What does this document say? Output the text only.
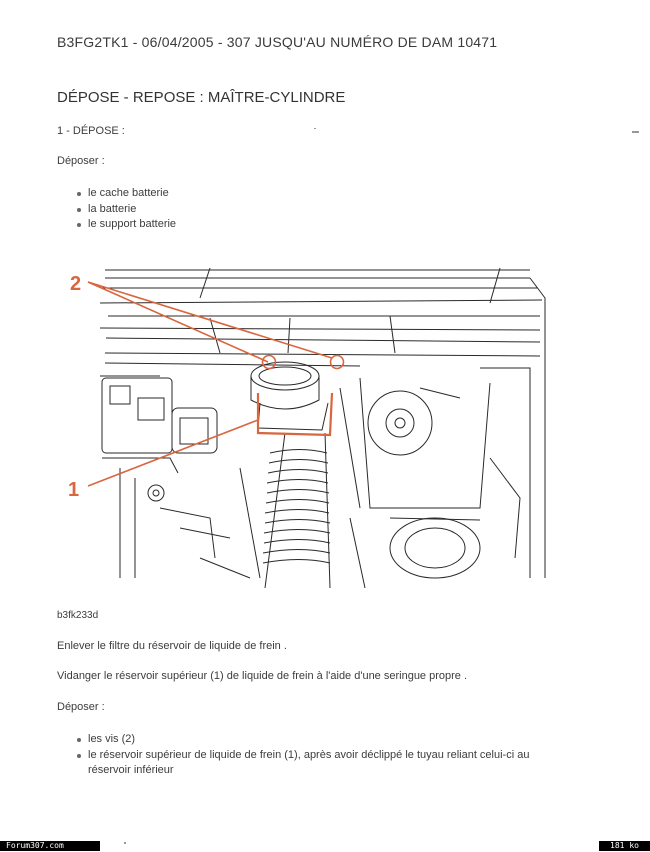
B3FG2TK1 - 06/04/2005 - 307 JUSQU'AU NUMÉRO DE DAM 10471
DÉPOSE - REPOSE : MAÎTRE-CYLINDRE
1 - DÉPOSE :
Déposer :
le cache batterie
la batterie
le support batterie
2
1
b3fk233d
Enlever le filtre du réservoir de liquide de frein .
Vidanger le réservoir supérieur (1) de liquide de frein à l'aide d'une seringue propre .
Déposer :
les vis (2)
le réservoir supérieur de liquide de frein (1), après avoir déclippé le tuyau reliant celui-ci au
réservoir inférieur
Forum307.com	181 ko
